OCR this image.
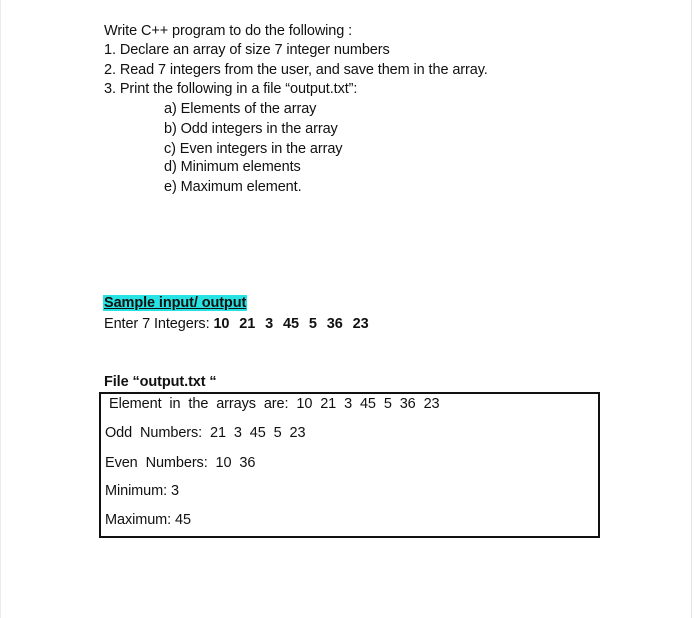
Write C++ program to do the following :
1. Declare an array of size 7 integer numbers
2. Read 7 integers from the user, and save them in the array.
3. Print the following in a file “output.txt”:
a) Elements of the array
b) Odd integers in the array
c) Even integers in the array
d) Minimum elements
e) Maximum element.
Sample input/ output
Enter 7 Integers: 10 21 3 45 5 36 23
File “output.txt “
Element in the arrays are: 10 21 3 45 5 36 23
Odd Numbers: 21 3 45 5 23
Even Numbers: 10 36
Minimum: 3
Maximum: 45
